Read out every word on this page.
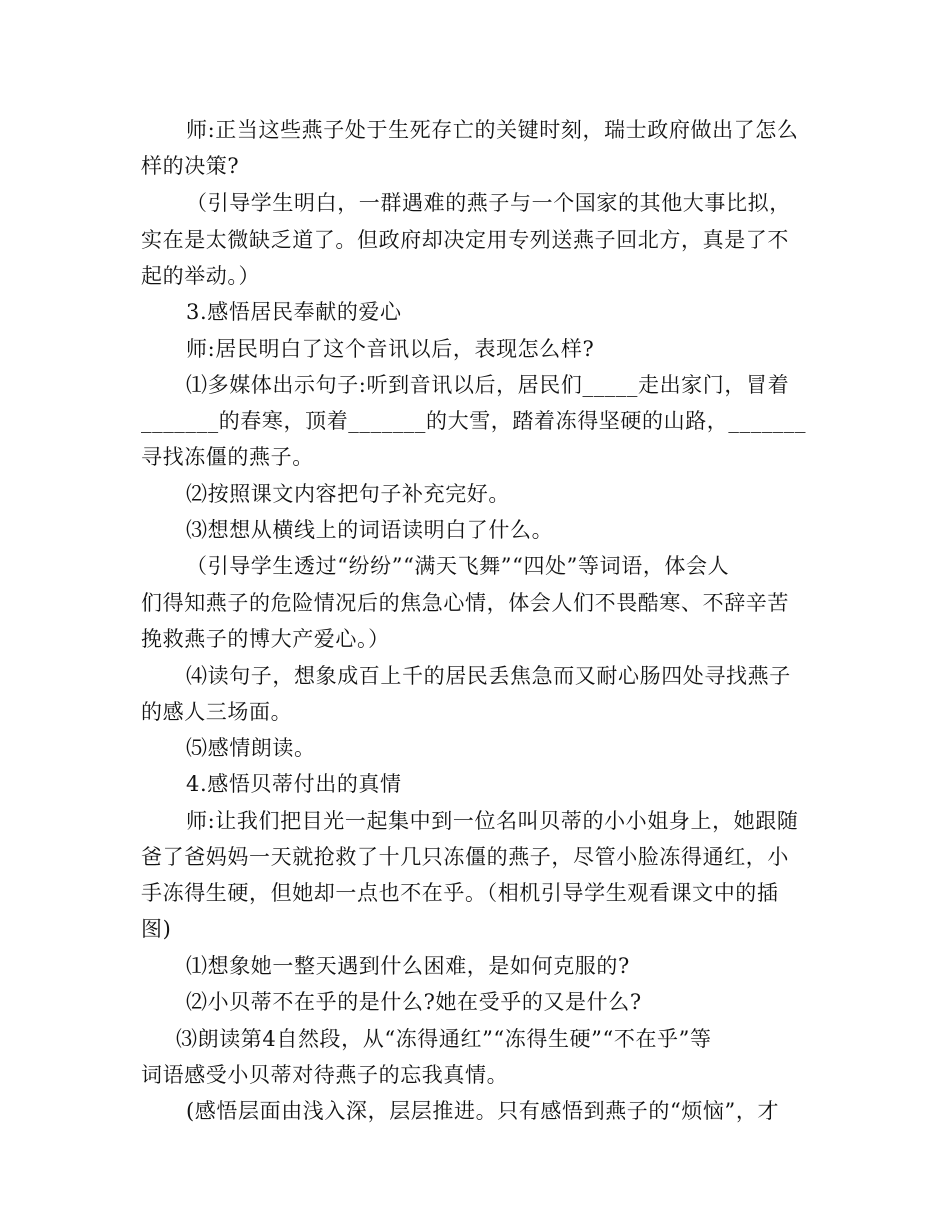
师:正当这些燕子处于生死存亡的关键时刻，瑞士政府做出了怎么
样的决策?
（引导学生明白，一群遇难的燕子与一个国家的其他大事比拟，
实在是太微缺乏道了。但政府却决定用专列送燕子回北方，真是了不
起的举动。）
3.感悟居民奉献的爱心
师:居民明白了这个音讯以后，表现怎么样?
⑴多媒体出示句子:听到音讯以后，居民们_____走出家门，冒着
_______的春寒，顶着_______的大雪，踏着冻得坚硬的山路，_______
寻找冻僵的燕子。
⑵按照课文内容把句子补充完好。
⑶想想从横线上的词语读明白了什么。
（引导学生透过“纷纷”“满天飞舞”“四处”等词语，体会人
们得知燕子的危险情况后的焦急心情，体会人们不畏酷寒、不辞辛苦
挽救燕子的博大产爱心。）
⑷读句子，想象成百上千的居民丢焦急而又耐心肠四处寻找燕子
的感人三场面。
⑸感情朗读。
4.感悟贝蒂付出的真情
师:让我们把目光一起集中到一位名叫贝蒂的小小姐身上，她跟随
爸了爸妈妈一天就抢救了十几只冻僵的燕子，尽管小脸冻得通红，小
手冻得生硬，但她却一点也不在乎。（相机引导学生观看课文中的插
图)
⑴想象她一整天遇到什么困难，是如何克服的?
⑵小贝蒂不在乎的是什么?她在受乎的又是什么?
⑶朗读第4自然段，从“冻得通红”“冻得生硬”“不在乎”等
词语感受小贝蒂对待燕子的忘我真情。
(感悟层面由浅入深，层层推进。只有感悟到燕子的“烦恼”，才
